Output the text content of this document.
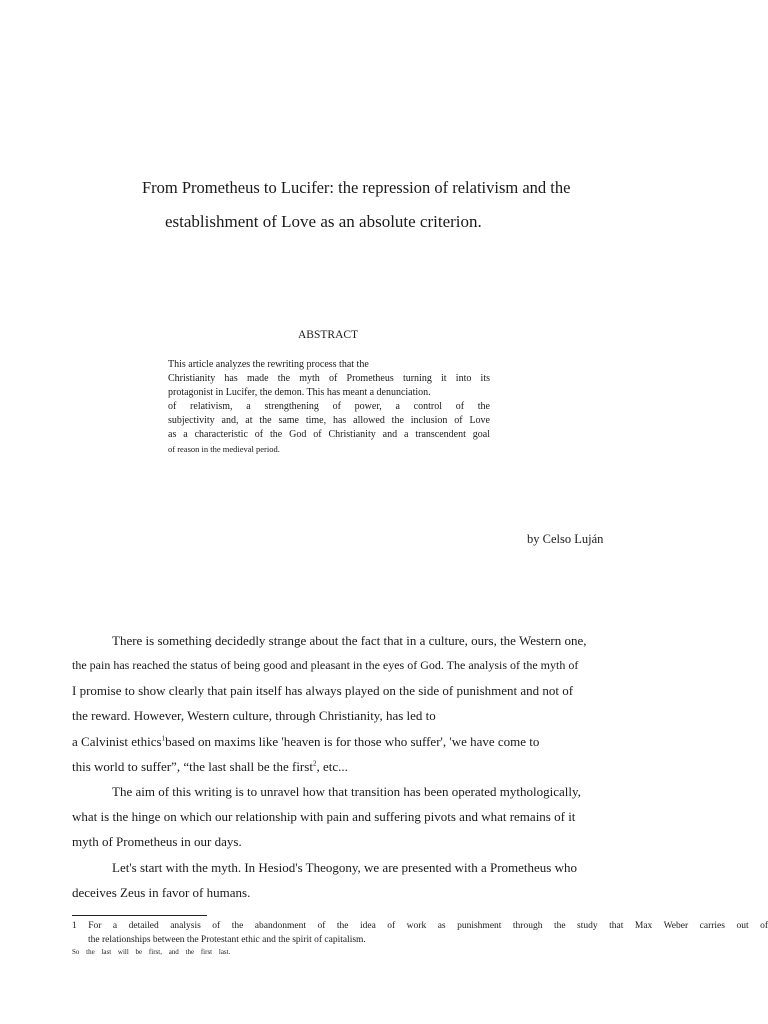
From Prometheus to Lucifer: the repression of relativism and the
establishment of Love as an absolute criterion.
ABSTRACT
This article analyzes the rewriting process that the
Christianity has made the myth of Prometheus turning it into its
protagonist in Lucifer, the demon. This has meant a denunciation.
of relativism, a strengthening of power, a control of the
subjectivity and, at the same time, has allowed the inclusion of Love
as a characteristic of the God of Christianity and a transcendent goal
of reason in the medieval period.
by Celso Luján
There is something decidedly strange about the fact that in a culture, ours, the Western one,
the pain has reached the status of being good and pleasant in the eyes of God. The analysis of the myth of
I promise to show clearly that pain itself has always played on the side of punishment and not of
the reward. However, Western culture, through Christianity, has led to
a Calvinist ethics$^1$based on maxims like 'heaven is for those who suffer', 'we have come to
this world to suffer”, “the last shall be the first$^2$, etc...
The aim of this writing is to unravel how that transition has been operated mythologically,
what is the hinge on which our relationship with pain and suffering pivots and what remains of it
myth of Prometheus in our days.
Let's start with the myth. In Hesiod's Theogony, we are presented with a Prometheus who
deceives Zeus in favor of humans.
1 For a detailed analysis of the abandonment of the idea of work as punishment through the study that Max Weber carries out of
the relationships between the Protestant ethic and the spirit of capitalism.
So the last will be first, and the first last.
